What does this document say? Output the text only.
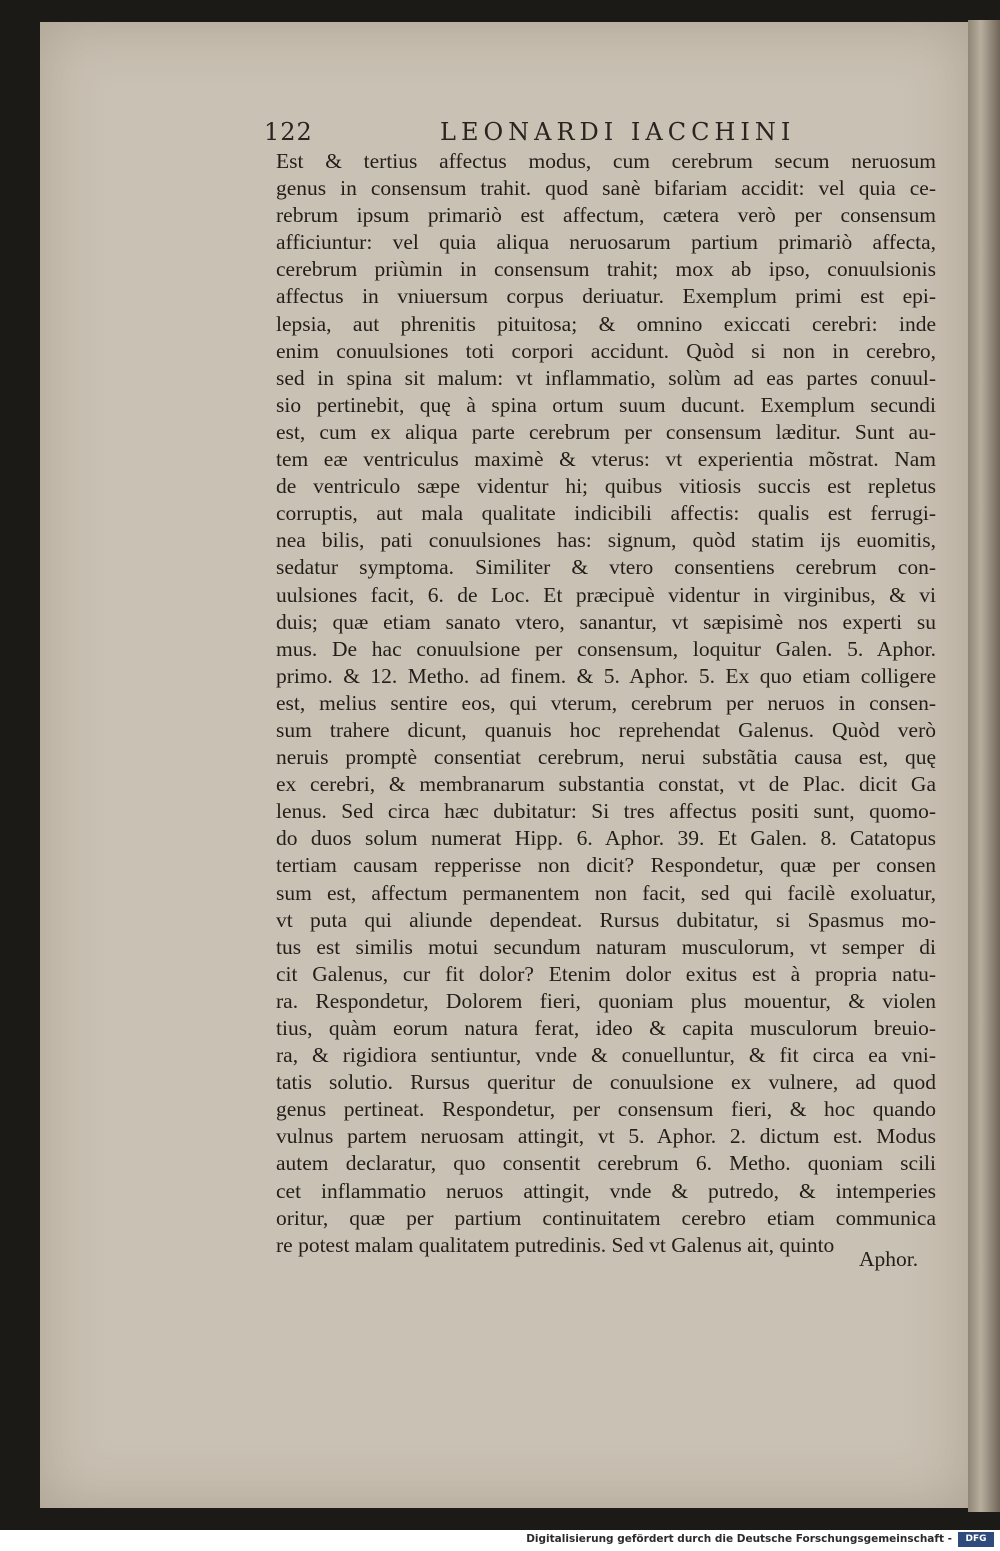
122	LEONARDI IACCHINI
Est & tertius affectus modus, cum cerebrum secum neruosum
genus in consensum trahit. quod sanè bifariam accidit: vel quia ce-
rebrum ipsum primariò est affectum, cætera verò per consensum
afficiuntur: vel quia aliqua neruosarum partium primariò affecta,
cerebrum priùmin in consensum trahit; mox ab ipso, conuulsionis
affectus in vniuersum corpus deriuatur. Exemplum primi est epi-
lepsia, aut phrenitis pituitosa; & omnino exiccati cerebri: inde
enim conuulsiones toti corpori accidunt. Quòd si non in cerebro,
sed in spina sit malum: vt inflammatio, solùm ad eas partes conuul-
sio pertinebit, quę à spina ortum suum ducunt. Exemplum secundi
est, cum ex aliqua parte cerebrum per consensum læditur. Sunt au-
tem eæ ventriculus maximè & vterus: vt experientia mõstrat. Nam
de ventriculo sæpe videntur hi; quibus vitiosis succis est repletus
corruptis, aut mala qualitate indicibili affectis: qualis est ferrugi-
nea bilis, pati conuulsiones has: signum, quòd statim ijs euomitis,
sedatur symptoma. Similiter & vtero consentiens cerebrum con-
uulsiones facit, 6. de Loc. Et præcipuè videntur in virginibus, & vi
duis; quæ etiam sanato vtero, sanantur, vt sæpisimè nos experti su
mus. De hac conuulsione per consensum, loquitur Galen. 5. Aphor.
primo. & 12. Metho. ad finem. & 5. Aphor. 5. Ex quo etiam colligere
est, melius sentire eos, qui vterum, cerebrum per neruos in consen-
sum trahere dicunt, quanuis hoc reprehendat Galenus. Quòd verò
neruis promptè consentiat cerebrum, nerui substãtia causa est, quę
ex cerebri, & membranarum substantia constat, vt de Plac. dicit Ga
lenus. Sed circa hæc dubitatur: Si tres affectus positi sunt, quomo-
do duos solum numerat Hipp. 6. Aphor. 39. Et Galen. 8. Catatopus
tertiam causam repperisse non dicit? Respondetur, quæ per consen
sum est, affectum permanentem non facit, sed qui facilè exoluatur,
vt puta qui aliunde dependeat. Rursus dubitatur, si Spasmus mo-
tus est similis motui secundum naturam musculorum, vt semper di
cit Galenus, cur fit dolor? Etenim dolor exitus est à propria natu-
ra. Respondetur, Dolorem fieri, quoniam plus mouentur, & violen
tius, quàm eorum natura ferat, ideo & capita musculorum breuio-
ra, & rigidiora sentiuntur, vnde & conuelluntur, & fit circa ea vni-
tatis solutio. Rursus queritur de conuulsione ex vulnere, ad quod
genus pertineat. Respondetur, per consensum fieri, & hoc quando
vulnus partem neruosam attingit, vt 5. Aphor. 2. dictum est. Modus
autem declaratur, quo consentit cerebrum 6. Metho. quoniam scili
cet inflammatio neruos attingit, vnde & putredo, & intemperies
oritur, quæ per partium continuitatem cerebro etiam communica
re potest malam qualitatem putredinis. Sed vt Galenus ait, quinto
Aphor.
Digitalisierung gefördert durch die Deutsche Forschungsgemeinschaft -	DFG
